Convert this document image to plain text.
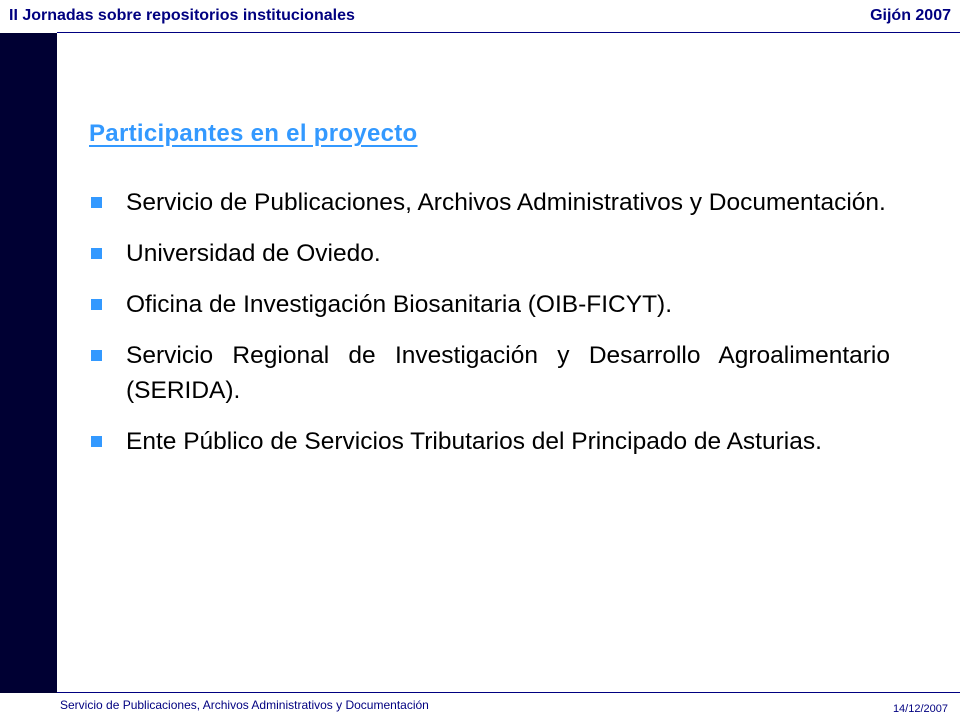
II Jornadas sobre repositorios institucionales	Gijón 2007
Participantes en el proyecto
Servicio de Publicaciones, Archivos Administrativos y Documentación.
Universidad de Oviedo.
Oficina de Investigación Biosanitaria (OIB-FICYT).
Servicio Regional de Investigación y Desarrollo Agroalimentario (SERIDA).
Ente Público de Servicios Tributarios del Principado de Asturias.
Servicio de Publicaciones, Archivos Administrativos y Documentación	14/12/2007
